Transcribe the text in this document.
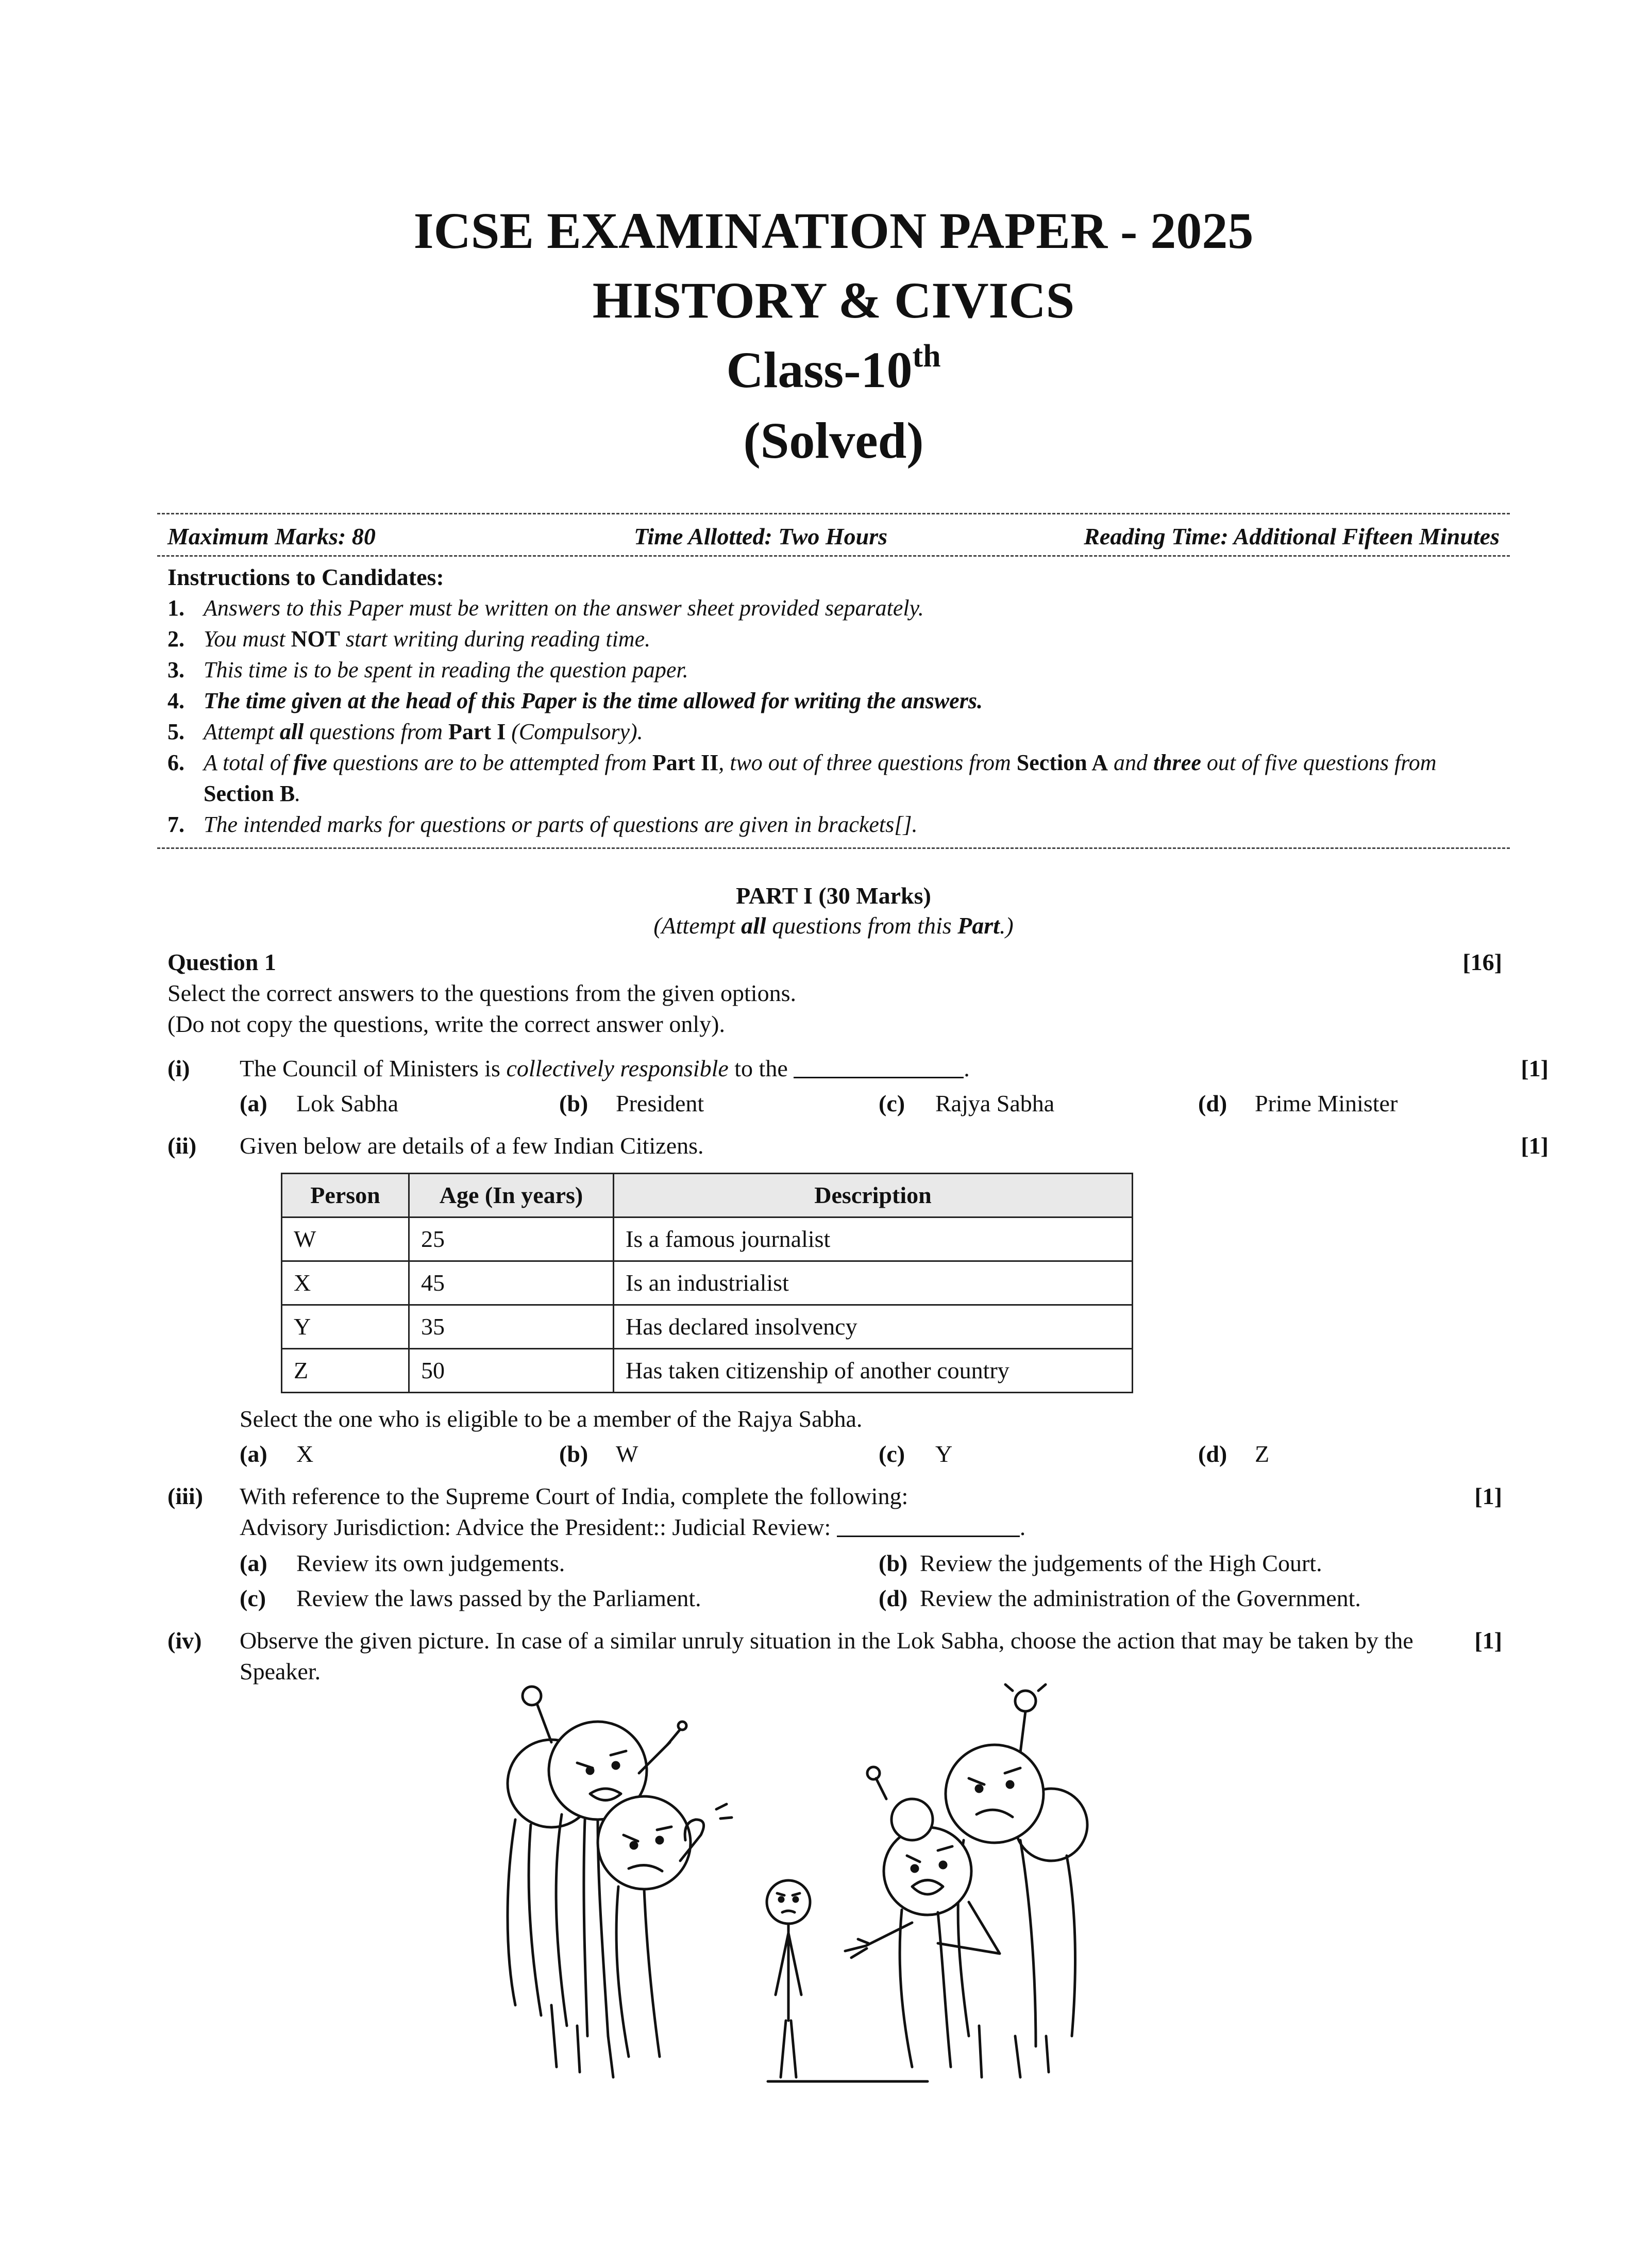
ICSE EXAMINATION PAPER - 2025
HISTORY & CIVICS
Class-10th
(Solved)
Maximum Marks: 80	Time Allotted: Two Hours	Reading Time: Additional Fifteen Minutes
Instructions to Candidates:
1. Answers to this Paper must be written on the answer sheet provided separately.
2. You must NOT start writing during reading time.
3. This time is to be spent in reading the question paper.
4. The time given at the head of this Paper is the time allowed for writing the answers.
5. Attempt all questions from Part I (Compulsory).
6. A total of five questions are to be attempted from Part II, two out of three questions from Section A and three out of five questions from Section B.
7. The intended marks for questions or parts of questions are given in brackets[].
PART I (30 Marks)
(Attempt all questions from this Part.)
Question 1	[16]
Select the correct answers to the questions from the given options.
(Do not copy the questions, write the correct answer only).
(i)	The Council of Ministers is collectively responsible to the	.
(a)	Lok Sabha	(b)	President	(c)	Rajya Sabha	(d)	Prime Minister
[1]
(ii)	Given below are details of a few Indian Citizens.
Person	Age (In years)	Description
W	25	Is a famous journalist
X	45	Is an industrialist
Y	35	Has declared insolvency
Z	50	Has taken citizenship of another country
Select the one who is eligible to be a member of the Rajya Sabha.
(a)	X	(b)	W	(c)	Y	(d)	Z
[1]
(iii)	With reference to the Supreme Court of India, complete the following:
Advisory Jurisdiction: Advice the President:: Judicial Review:	.
(a)	Review its own judgements.	(b) Review the judgements of the High Court.
(c)	Review the laws passed by the Parliament.	(d) Review the administration of the Government.
[1]
(iv)	Observe the given picture. In case of a similar unruly situation in the Lok Sabha, choose the action that may be taken by the Speaker.
[1]
